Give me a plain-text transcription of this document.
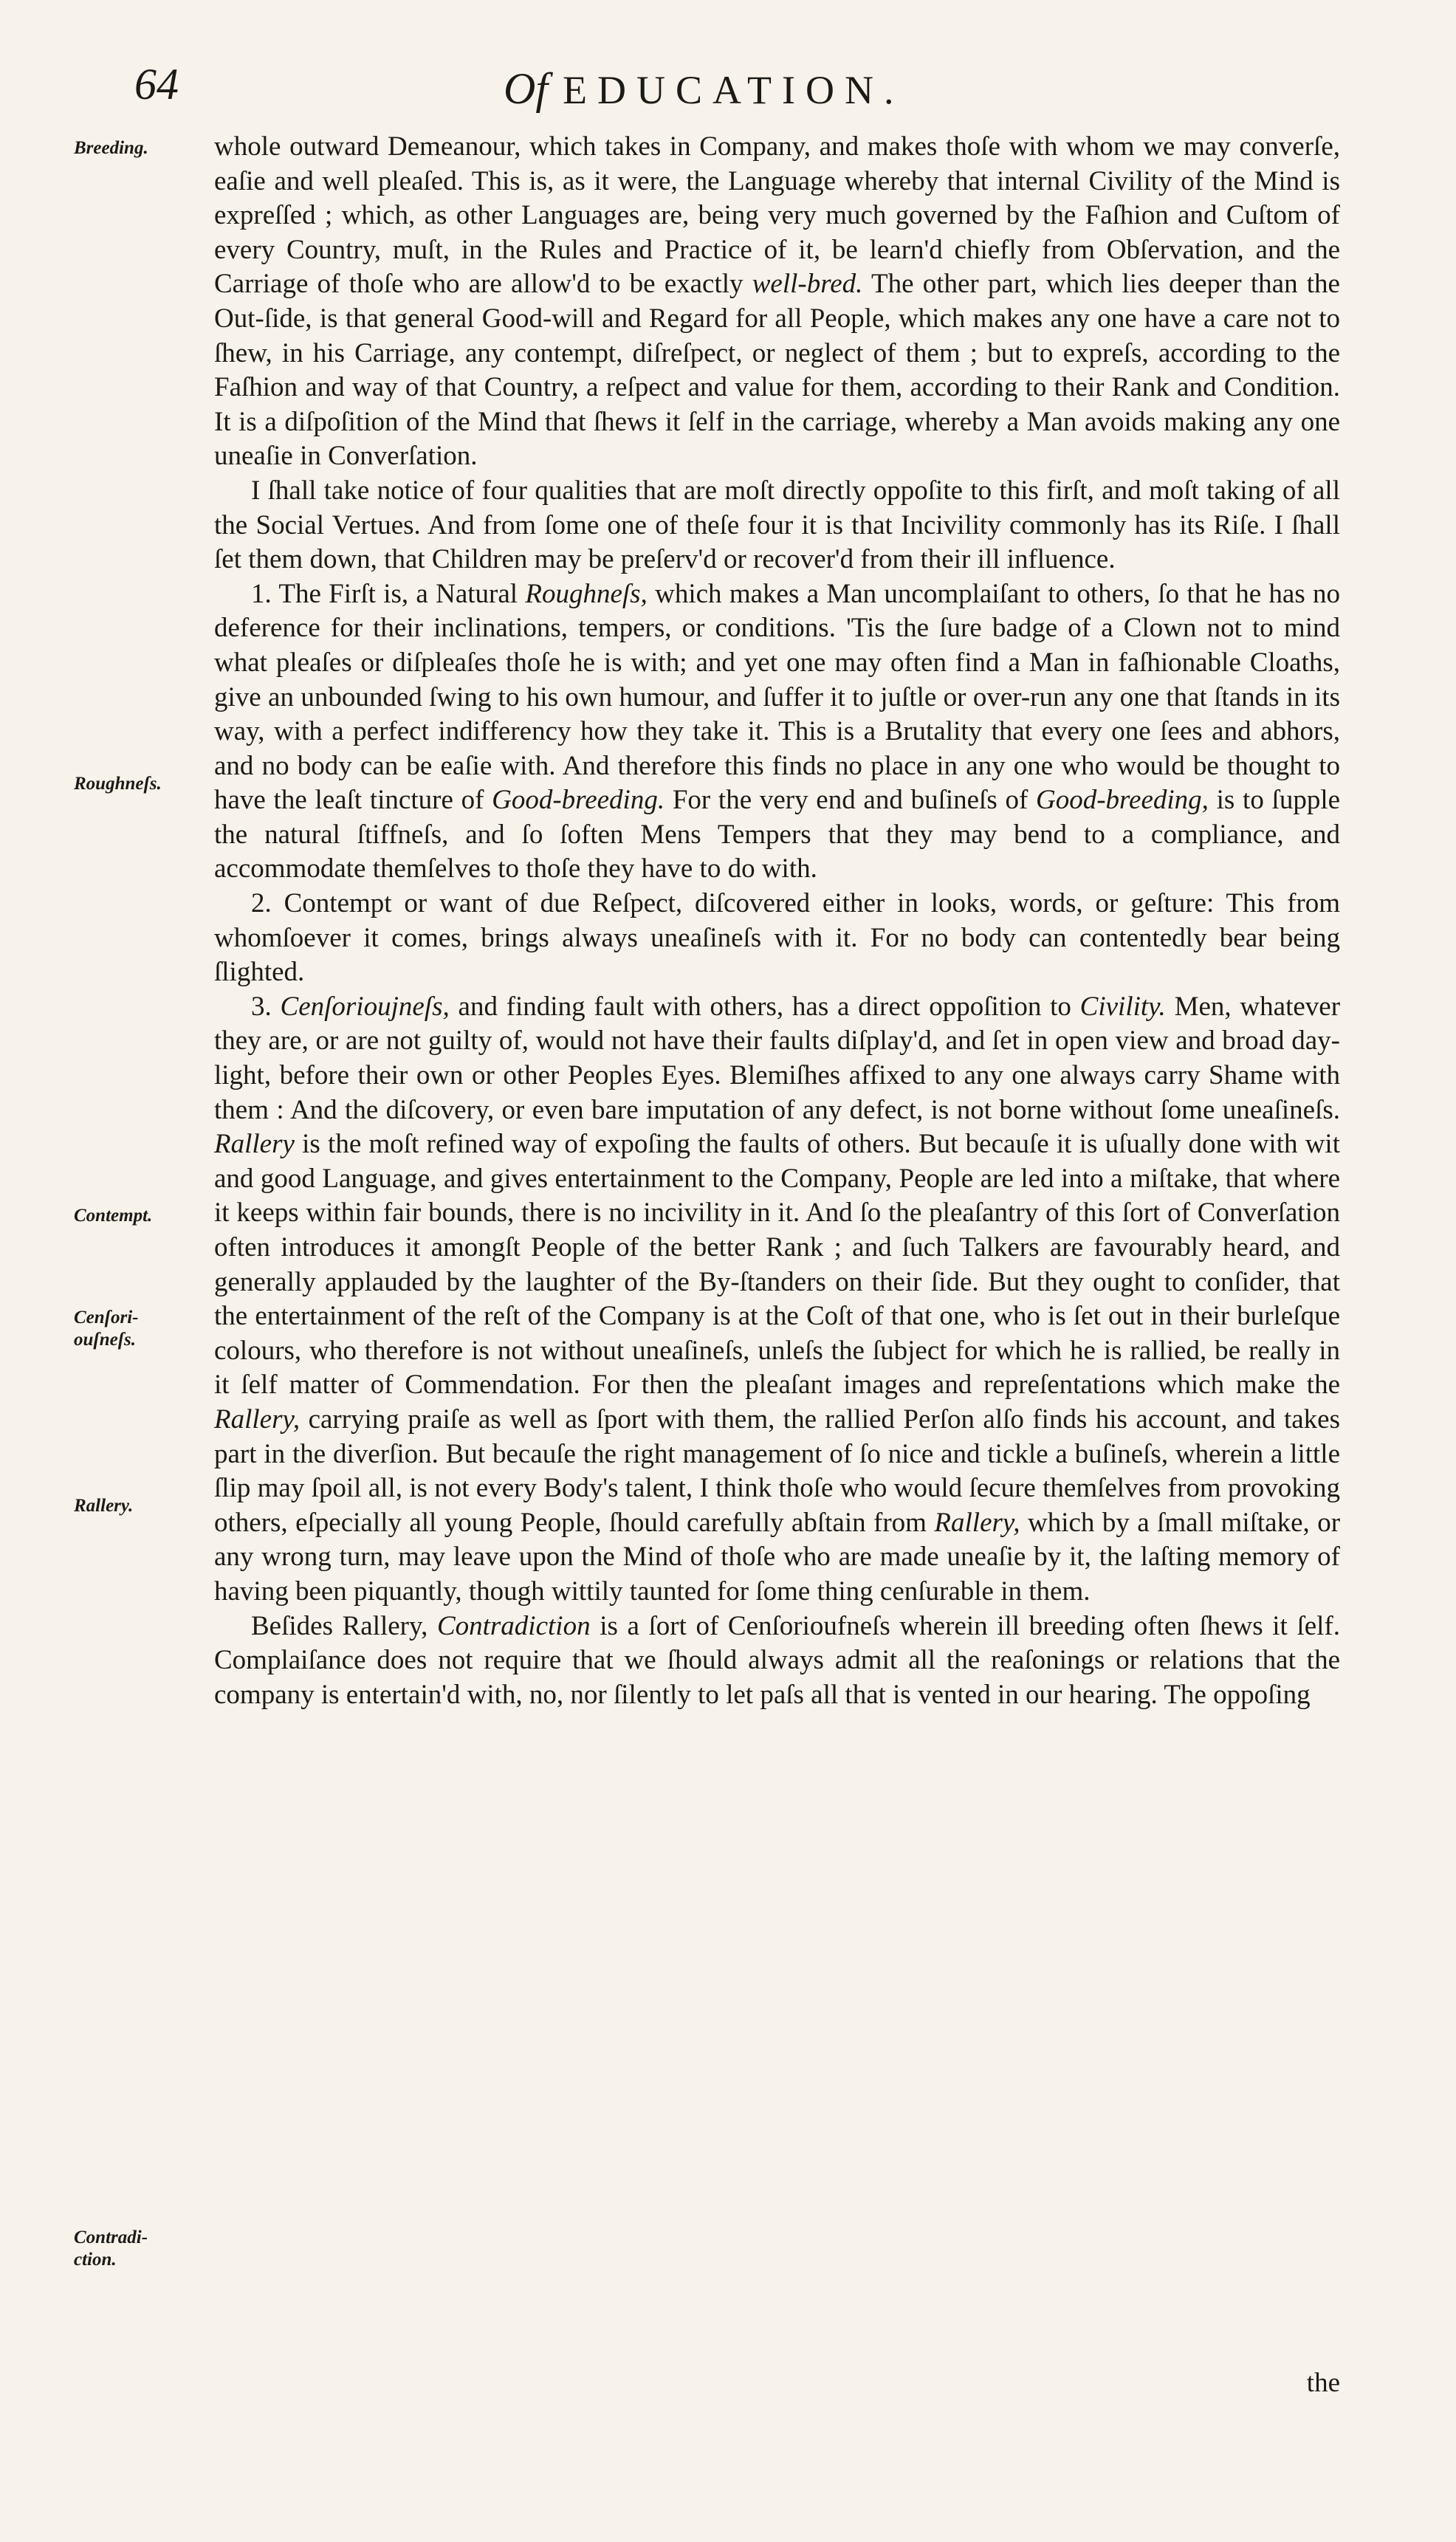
64	Of EDUCATION.
Breeding.
Roughneſs.
Contempt.
Cenſori-ouſneſs.
Rallery.
Contradi-ction.

whole outward Demeanour, which takes in Company, and makes thoſe with whom we may converſe, eaſie and well pleaſed. This is, as it were, the Language whereby that internal Civility of the Mind is expreſſed ; which, as other Languages are, being very much governed by the Faſhion and Cuſtom of every Country, muſt, in the Rules and Practice of it, be learn'd chiefly from Obſervation, and the Carriage of thoſe who are allow'd to be exactly well-bred. The other part, which lies deeper than the Out-ſide, is that general Good-will and Regard for all People, which makes any one have a care not to ſhew, in his Carriage, any contempt, diſreſpect, or neglect of them ; but to expreſs, according to the Faſhion and way of that Country, a reſpect and value for them, according to their Rank and Condition. It is a diſpoſition of the Mind that ſhews it ſelf in the carriage, whereby a Man avoids making any one uneaſie in Converſation.

I ſhall take notice of four qualities that are moſt directly oppoſite to this firſt, and moſt taking of all the Social Vertues. And from ſome one of theſe four it is that Incivility commonly has its Riſe. I ſhall ſet them down, that Children may be preſerv'd or recover'd from their ill influence.

1. The Firſt is, a Natural Roughneſs, which makes a Man uncomplaiſant to others, ſo that he has no deference for their inclinations, tempers, or conditions. 'Tis the ſure badge of a Clown not to mind what pleaſes or diſpleaſes thoſe he is with; and yet one may often find a Man in faſhionable Cloaths, give an unbounded ſwing to his own humour, and ſuffer it to juſtle or over-run any one that ſtands in its way, with a perfect indifferency how they take it. This is a Brutality that every one ſees and abhors, and no body can be eaſie with. And therefore this finds no place in any one who would be thought to have the leaſt tincture of Good-breeding. For the very end and buſineſs of Good-breeding, is to ſupple the natural ſtiffneſs, and ſo ſoften Mens Tempers that they may bend to a compliance, and accommodate themſelves to thoſe they have to do with.

2. Contempt or want of due Reſpect, diſcovered either in looks, words, or geſture: This from whomſoever it comes, brings always uneaſineſs with it. For no body can contentedly bear being ſlighted.

3. Cenſorioujneſs, and finding fault with others, has a direct oppoſition to Civility. Men, whatever they are, or are not guilty of, would not have their faults diſplay'd, and ſet in open view and broad day-light, before their own or other Peoples Eyes. Blemiſhes affixed to any one always carry Shame with them : And the diſcovery, or even bare imputation of any defect, is not borne without ſome uneaſineſs. Rallery is the moſt refined way of expoſing the faults of others. But becauſe it is uſually done with wit and good Language, and gives entertainment to the Company, People are led into a miſtake, that where it keeps within fair bounds, there is no incivility in it. And ſo the pleaſantry of this ſort of Converſation often introduces it amongſt People of the better Rank ; and ſuch Talkers are favourably heard, and generally applauded by the laughter of the By-ſtanders on their ſide. But they ought to conſider, that the entertainment of the reſt of the Company is at the Coſt of that one, who is ſet out in their burleſque colours, who therefore is not without uneaſineſs, unleſs the ſubject for which he is rallied, be really in it ſelf matter of Commendation. For then the pleaſant images and repreſentations which make the Rallery, carrying praiſe as well as ſport with them, the rallied Perſon alſo finds his account, and takes part in the diverſion. But becauſe the right management of ſo nice and tickle a buſineſs, wherein a little ſlip may ſpoil all, is not every Body's talent, I think thoſe who would ſecure themſelves from provoking others, eſpecially all young People, ſhould carefully abſtain from Rallery, which by a ſmall miſtake, or any wrong turn, may leave upon the Mind of thoſe who are made uneaſie by it, the laſting memory of having been piquantly, though wittily taunted for ſome thing cenſurable in them.

Beſides Rallery, Contradiction is a ſort of Cenſorioufneſs wherein ill breeding often ſhews it ſelf. Complaiſance does not require that we ſhould always admit all the reaſonings or relations that the company is entertain'd with, no, nor ſilently to let paſs all that is vented in our hearing. The oppoſing

the
